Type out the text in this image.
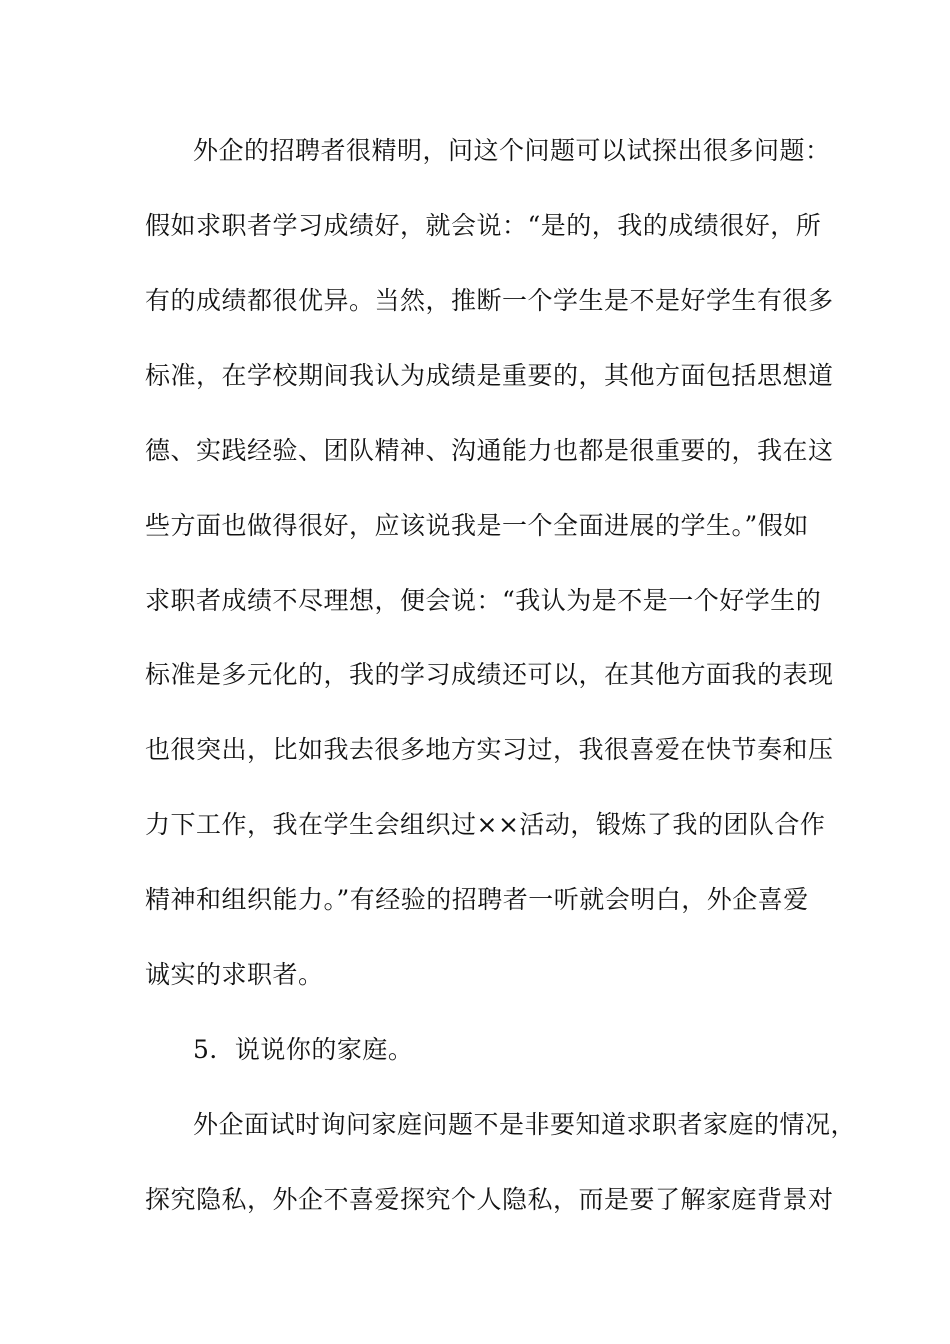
外企的招聘者很精明，问这个问题可以试探出很多问题：
假如求职者学习成绩好，就会说：“是的，我的成绩很好，所
有的成绩都很优异。当然，推断一个学生是不是好学生有很多
标准，在学校期间我认为成绩是重要的，其他方面包括思想道
德、实践经验、团队精神、沟通能力也都是很重要的，我在这
些方面也做得很好，应该说我是一个全面进展的学生。”假如
求职者成绩不尽理想，便会说：“我认为是不是一个好学生的
标准是多元化的，我的学习成绩还可以，在其他方面我的表现
也很突出，比如我去很多地方实习过，我很喜爱在快节奏和压
力下工作，我在学生会组织过××活动，锻炼了我的团队合作
精神和组织能力。”有经验的招聘者一听就会明白，外企喜爱
诚实的求职者。
5．说说你的家庭。
外企面试时询问家庭问题不是非要知道求职者家庭的情况，
探究隐私，外企不喜爱探究个人隐私，而是要了解家庭背景对
